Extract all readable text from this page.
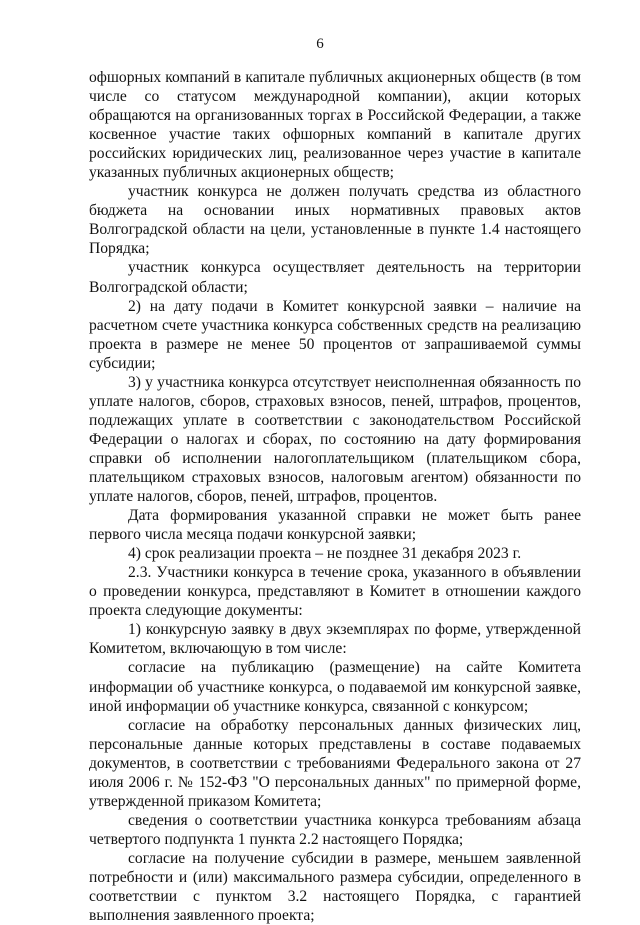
6

офшорных компаний в капитале публичных акционерных обществ (в том числе со статусом международной компании), акции которых обращаются на организованных торгах в Российской Федерации, а также косвенное участие таких офшорных компаний в капитале других российских юридических лиц, реализованное через участие в капитале указанных публичных акционерных обществ;

участник конкурса не должен получать средства из областного бюджета на основании иных нормативных правовых актов Волгоградской области на цели, установленные в пункте 1.4 настоящего Порядка;

участник конкурса осуществляет деятельность на территории Волгоградской области;

2) на дату подачи в Комитет конкурсной заявки – наличие на расчетном счете участника конкурса собственных средств на реализацию проекта в размере не менее 50 процентов от запрашиваемой суммы субсидии;

3) у участника конкурса отсутствует неисполненная обязанность по уплате налогов, сборов, страховых взносов, пеней, штрафов, процентов, подлежащих уплате в соответствии с законодательством Российской Федерации о налогах и сборах, по состоянию на дату формирования справки об исполнении налогоплательщиком (плательщиком сбора, плательщиком страховых взносов, налоговым агентом) обязанности по уплате налогов, сборов, пеней, штрафов, процентов.

Дата формирования указанной справки не может быть ранее первого числа месяца подачи конкурсной заявки;

4) срок реализации проекта – не позднее 31 декабря 2023 г.

2.3. Участники конкурса в течение срока, указанного в объявлении о проведении конкурса, представляют в Комитет в отношении каждого проекта следующие документы:

1) конкурсную заявку в двух экземплярах по форме, утвержденной Комитетом, включающую в том числе:

согласие на публикацию (размещение) на сайте Комитета информации об участнике конкурса, о подаваемой им конкурсной заявке, иной информации об участнике конкурса, связанной с конкурсом;

согласие на обработку персональных данных физических лиц, персональные данные которых представлены в составе подаваемых документов, в соответствии с требованиями Федерального закона от 27 июля 2006 г. № 152-ФЗ "О персональных данных" по примерной форме, утвержденной приказом Комитета;

сведения о соответствии участника конкурса требованиям абзаца четвертого подпункта 1 пункта 2.2 настоящего Порядка;

согласие на получение субсидии в размере, меньшем заявленной потребности и (или) максимального размера субсидии, определенного в соответствии с пунктом 3.2 настоящего Порядка, с гарантией выполнения заявленного проекта;
